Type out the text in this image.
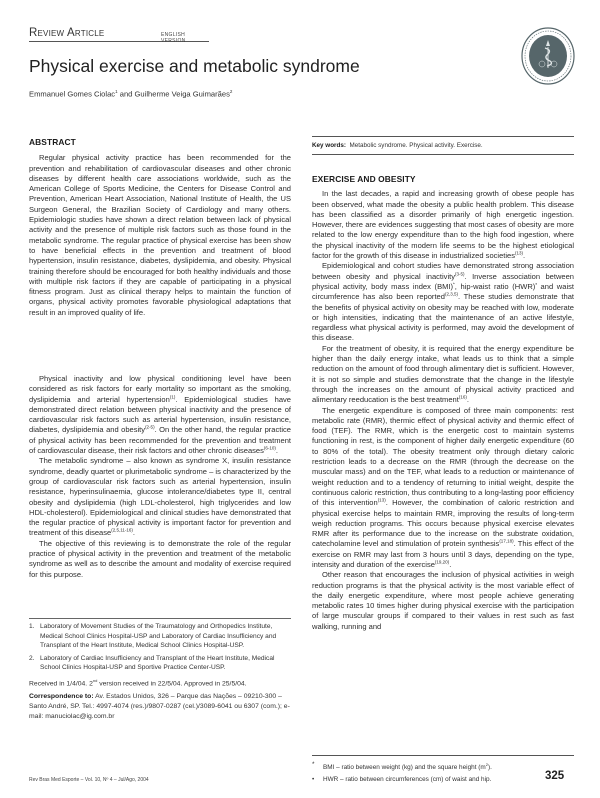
Review Article	ENGLISH VERSION
Physical exercise and metabolic syndrome
Emmanuel Gomes Ciolac$^1$ and Guilherme Veiga Guimarães$^2$
Key words: Metabolic syndrome. Physical activity. Exercise.
ABSTRACT

Regular physical activity practice has been recommended for the prevention and rehabilitation of cardiovascular diseases and other chronic diseases by different health care associations worldwide, such as the American College of Sports Medicine, the Centers for Disease Control and Prevention, American Heart Association, National Institute of Health, the US Surgeon General, the Brazilian Society of Cardiology and many others. Epidemiologic studies have shown a direct relation between lack of physical activity and the presence of multiple risk factors such as those found in the metabolic syndrome. The regular practice of physical exercise has been show to have beneficial effects in the prevention and treatment of blood hypertension, insulin resistance, diabetes, dyslipidemia, and obesity. Physical training therefore should be encouraged for both healthy individuals and those with multiple risk factors if they are capable of participating in a physical fitness program. Just as clinical therapy helps to maintain the function of organs, physical activity promotes favorable physiological adaptations that result in an improved quality of life.

Physical inactivity and low physical conditioning level have been considered as risk factors for early mortality so important as the smoking, dyslipidemia and arterial hypertension$^{(1)}$. Epidemiological studies have demonstrated direct relation between physical inactivity and the presence of cardiovascular risk factors such as arterial hypertension, insulin resistance, diabetes, dyslipidemia and obesity$^{(2-5)}$. On the other hand, the regular practice of physical activity has been recommended for the prevention and treatment of cardiovascular disease, their risk factors and other chronic diseases$^{(6-10)}$.

The metabolic syndrome – also known as syndrome X, insulin resistance syndrome, deadly quartet or plurimetabolic syndrome – is characterized by the group of cardiovascular risk factors such as arterial hypertension, insulin resistance, hyperinsulinaemia, glucose intolerance/diabetes type II, central obesity and dyslipidemia (high LDL-cholesterol, high triglycerides and low HDL-cholesterol). Epidemiological and clinical studies have demonstrated that the regular practice of physical activity is important factor for prevention and treatment of this disease$^{(2,5,11-16)}$.

The objective of this reviewing is to demonstrate the role of the regular practice of physical activity in the prevention and treatment of the metabolic syndrome as well as to describe the amount and modality of exercise required for this purpose.

1. Laboratory of Movement Studies of the Traumatology and Orthopedics Institute, Medical School Clinics Hospital-USP and Laboratory of Cardiac Insufficiency and Transplant of the Heart Institute, Medical School Clinics Hospital-USP.
2. Laboratory of Cardiac Insufficiency and Transplant of the Heart Institute, Medical School Clinics Hospital-USP and Sportive Practice Center-USP.
Received in 1/4/04. 2nd version received in 22/5/04. Approved in 25/5/04.
Correspondence to: Av. Estados Unidos, 326 – Parque das Nações – 09210-300 – Santo André, SP. Tel.: 4997-4074 (res.)/9807-0287 (cel.)/3089-6041 ou 6307 (com.); e-mail: manuciolac@ig.com.br
Rev Bras Med Esporte – Vol. 10, Nº 4 – Jul/Ago, 2004
EXERCISE AND OBESITY

In the last decades, a rapid and increasing growth of obese people has been observed, what made the obesity a public health problem. This disease has been classified as a disorder primarily of high energetic ingestion. However, there are evidences suggesting that most cases of obesity are more related to the low energy expenditure than to the high food ingestion, where the physical inactivity of the modern life seems to be the highest etiological factor for the growth of this disease in industrialized societies$^{(13)}$.

Epidemiological and cohort studies have demonstrated strong association between obesity and physical inactivity$^{(3-5)}$. Inverse association between physical activity, body mass index (BMI)*, hip-waist ratio (HWR)• and waist circumference has also been reported$^{(2,3,5)}$. These studies demonstrate that the benefits of physical activity on obesity may be reached with low, moderate or high intensities, indicating that the maintenance of an active lifestyle, regardless what physical activity is performed, may avoid the development of this disease.

For the treatment of obesity, it is required that the energy expenditure be higher than the daily energy intake, what leads us to think that a simple reduction on the amount of food through alimentary diet is sufficient. However, it is not so simple and studies demonstrate that the change in the lifestyle through the increases on the amount of physical activity practiced and alimentary reeducation is the best treatment$^{(16)}$.

The energetic expenditure is composed of three main components: rest metabolic rate (RMR), thermic effect of physical activity and thermic effect of food (TEF). The RMR, which is the energetic cost to maintain systems functioning in rest, is the component of higher daily energetic expenditure (60 to 80% of the total). The obesity treatment only through dietary caloric restriction leads to a decrease on the RMR (through the decrease on the muscular mass) and on the TEF, what leads to a reduction or maintenance of weight reduction and to a tendency of returning to initial weight, despite the continuous caloric restriction, thus contributing to a long-lasting poor efficiency of this intervention$^{(13)}$. However, the combination of caloric restriction and physical exercise helps to maintain RMR, improving the results of long-term weigh reduction programs. This occurs because physical exercise elevates RMR after its performance due to the increase on the substrate oxidation, catecholamine level and stimulation of protein synthesis$^{(17,18)}$. This effect of the exercise on RMR may last from 3 hours until 3 days, depending on the type, intensity and duration of the exercise$^{(19,20)}$.

Other reason that encourages the inclusion of physical activities in weigh reduction programs is that the physical activity is the most variable effect of the daily energetic expenditure, where most people achieve generating metabolic rates 10 times higher during physical exercise with the participation of large muscular groups if compared to their values in rest such as fast walking, running and

*	BMI – ratio between weight (kg) and the square height $(m^2)$.
•	HWR – ratio between circumferences (cm) of waist and hip.	325
